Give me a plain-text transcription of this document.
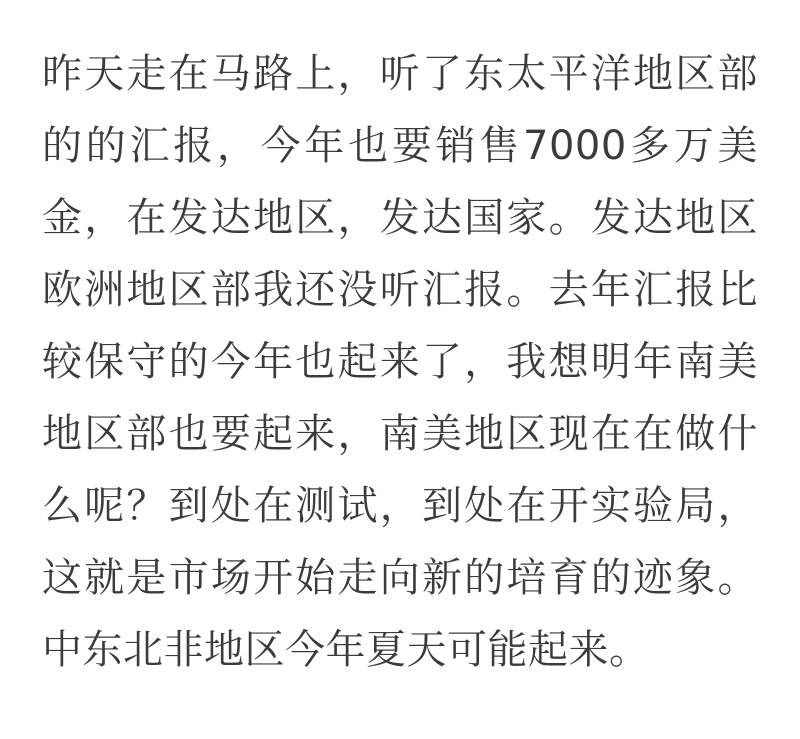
昨天走在马路上，听了东太平洋地区部的的汇报，今年也要销售7000多万美金，在发达地区，发达国家。发达地区欧洲地区部我还没听汇报。去年汇报比较保守的今年也起来了，我想明年南美地区部也要起来，南美地区现在在做什么呢？到处在测试，到处在开实验局，这就是市场开始走向新的培育的迹象。中东北非地区今年夏天可能起来。
